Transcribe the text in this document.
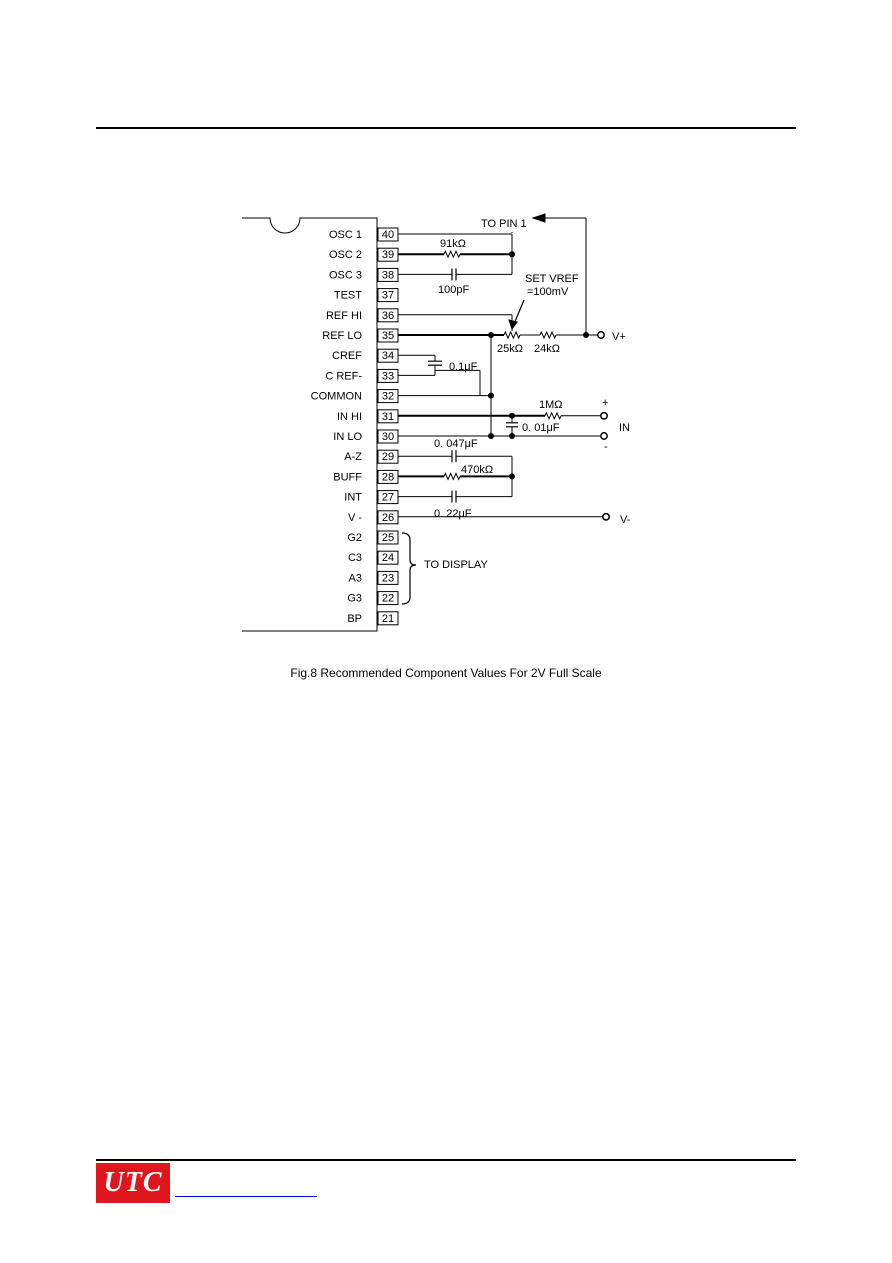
40
OSC 1
39
OSC 2
38
OSC 3
37
TEST
36
REF HI
35
REF LO
34
CREF
33
C REF-
32
COMMON
31
IN HI
30
IN LO
29
A-Z
28
BUFF
27
INT
26
V -
25
G2
24
C3
23
A3
22
G3
21
BP
TO PIN 1
91kΩ
100pF
SET VREF
=100mV
V+
25kΩ 24kΩ
0.1μF
+
1MΩ
IN
0. 01μF
-
0. 047μF
470kΩ
0. 22μF	V-
TO DISPLAY
Fig.8 Recommended Component Values For 2V Full Scale
UTC
